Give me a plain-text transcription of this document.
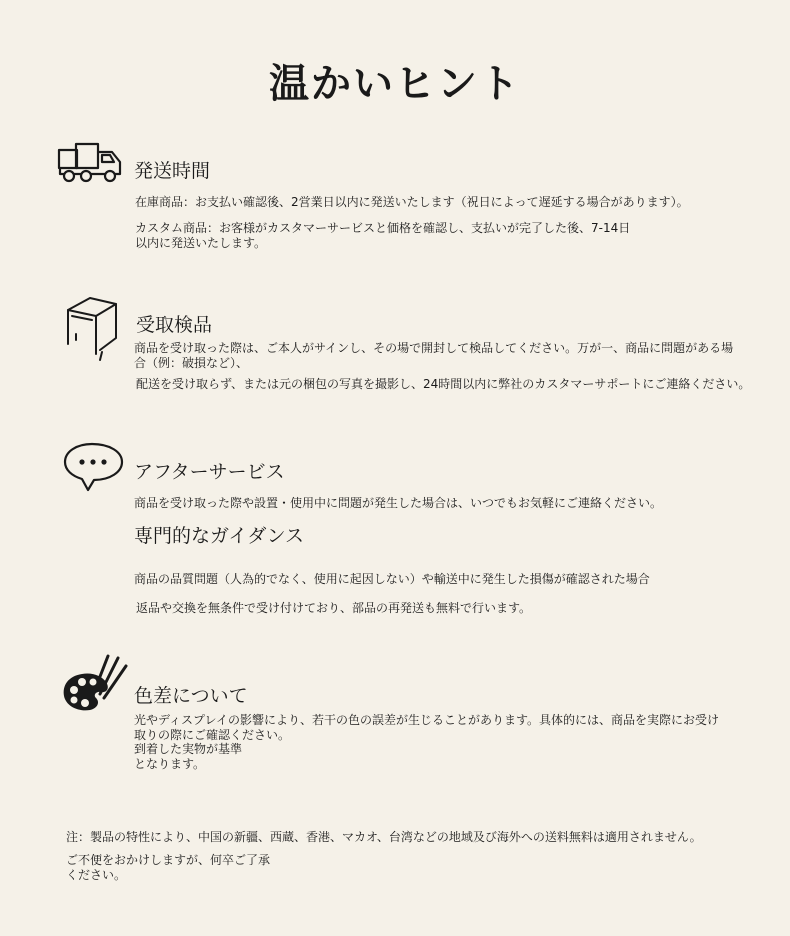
温かいヒント
発送時間
在庫商品：お支払い確認後、2営業日以内に発送いたします（祝日によって遅延する場合があります）。
カスタム商品：お客様がカスタマーサービスと価格を確認し、支払いが完了した後、7-14日
以内に発送いたします。
受取検品
商品を受け取った際は、ご本人がサインし、その場で開封して検品してください。万が一、商品に問題がある場
合（例：破損など）、
配送を受け取らず、または元の梱包の写真を撮影し、24時間以内に弊社のカスタマーサポートにご連絡ください。
アフターサービス
商品を受け取った際や設置・使用中に問題が発生した場合は、いつでもお気軽にご連絡ください。
専門的なガイダンス
商品の品質問題（人為的でなく、使用に起因しない）や輸送中に発生した損傷が確認された場合
返品や交換を無条件で受け付けており、部品の再発送も無料で行います。
色差について
光やディスプレイの影響により、若干の色の誤差が生じることがあります。具体的には、商品を実際にお受け
取りの際にご確認ください。
到着した実物が基準
となります。
注：製品の特性により、中国の新疆、西蔵、香港、マカオ、台湾などの地域及び海外への送料無料は適用されません。
ご不便をおかけしますが、何卒ご了承
ください。
